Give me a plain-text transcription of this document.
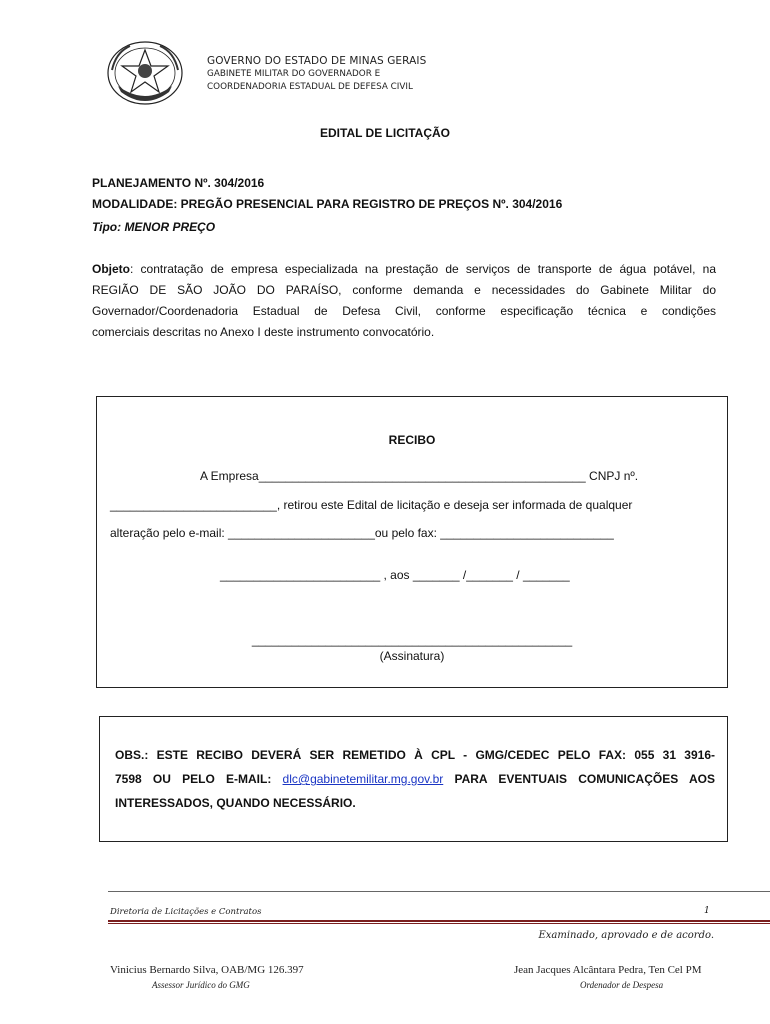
GOVERNO DO ESTADO DE MINAS GERAIS
GABINETE MILITAR DO GOVERNADOR E
COORDENADORIA ESTADUAL DE DEFESA CIVIL
EDITAL DE LICITAÇÃO
PLANEJAMENTO Nº. 304/2016
MODALIDADE: PREGÃO PRESENCIAL PARA REGISTRO DE PREÇOS Nº. 304/2016
Tipo: MENOR PREÇO
Objeto: contratação de empresa especializada na prestação de serviços de transporte de água potável, na
REGIÃO DE SÃO JOÃO DO PARAÍSO, conforme demanda e necessidades do Gabinete Militar do
Governador/Coordenadoria Estadual de Defesa Civil, conforme especificação técnica e condições
comerciais descritas no Anexo I deste instrumento convocatório.
RECIBO
A Empresa_________________________________________________ CNPJ nº.
_________________________, retirou este Edital de licitação e deseja ser informada de qualquer
alteração pelo e-mail: ______________________ou pelo fax: __________________________
________________________ , aos _______ /_______ / _______
________________________________________________
(Assinatura)
OBS.: ESTE RECIBO DEVERÁ SER REMETIDO À CPL - GMG/CEDEC PELO FAX: 055 31 3916-
7598 OU PELO E-MAIL: dlc@gabinetemilitar.mg.gov.br PARA EVENTUAIS COMUNICAÇÕES AOS
INTERESSADOS, QUANDO NECESSÁRIO.
Diretoria de Licitações e Contratos	1
Examinado, aprovado e de acordo.
Vinicius Bernardo Silva, OAB/MG 126.397
Assessor Jurídico do GMG
Jean Jacques Alcântara Pedra, Ten Cel PM
Ordenador de Despesa
